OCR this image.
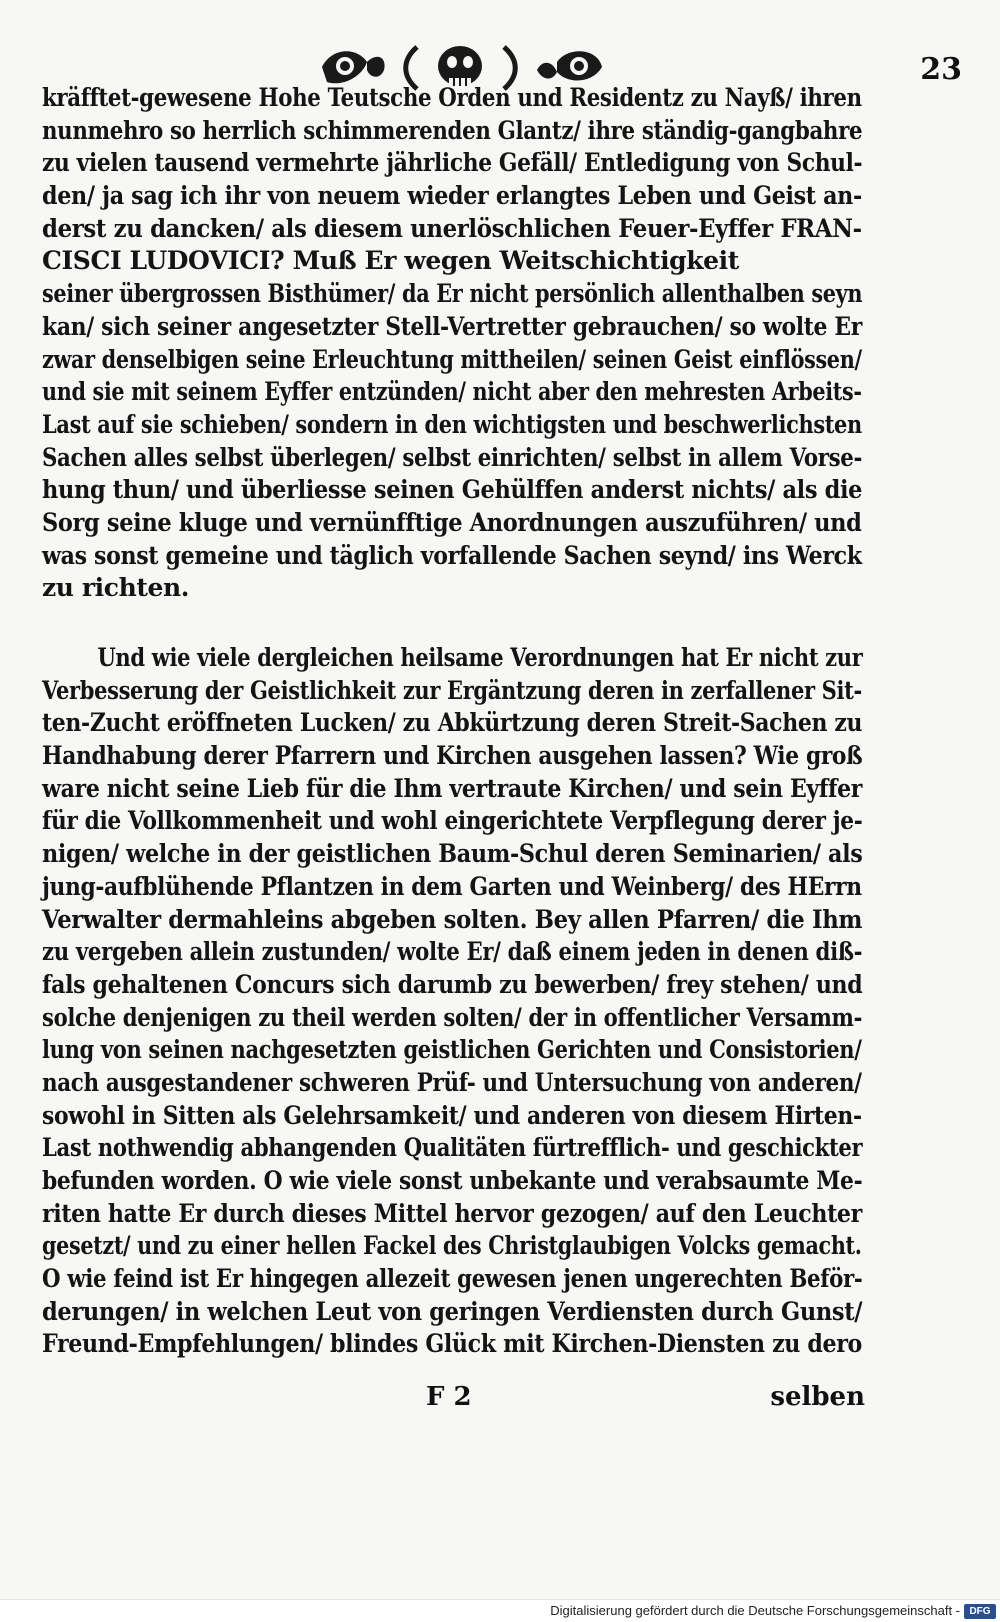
23
kräfftet-gewesene Hohe Teutsche Orden und Residentz zu Nayß/ ihren
nunmehro so herrlich schimmerenden Glantz/ ihre ständig-gangbahre
zu vielen tausend vermehrte jährliche Gefäll/ Entledigung von Schul-
den/ ja sag ich ihr von neuem wieder erlangtes Leben und Geist an-
derst zu dancken/ als diesem unerlöschlichen Feuer-Eyffer FRAN-
CISCI LUDOVICI? Muß Er wegen Weitschichtigkeit
seiner übergrossen Bisthümer/ da Er nicht persönlich allenthalben seyn
kan/ sich seiner angesetzter Stell-Vertretter gebrauchen/ so wolte Er
zwar denselbigen seine Erleuchtung mittheilen/ seinen Geist einflössen/
und sie mit seinem Eyffer entzünden/ nicht aber den mehresten Arbeits-
Last auf sie schieben/ sondern in den wichtigsten und beschwerlichsten
Sachen alles selbst überlegen/ selbst einrichten/ selbst in allem Vorse-
hung thun/ und überliesse seinen Gehülffen anderst nichts/ als die
Sorg seine kluge und vernünfftige Anordnungen auszuführen/ und
was sonst gemeine und täglich vorfallende Sachen seynd/ ins Werck
zu richten.
Und wie viele dergleichen heilsame Verordnungen hat Er nicht zur
Verbesserung der Geistlichkeit zur Ergäntzung deren in zerfallener Sit-
ten-Zucht eröffneten Lucken/ zu Abkürtzung deren Streit-Sachen zu
Handhabung derer Pfarrern und Kirchen ausgehen lassen? Wie groß
ware nicht seine Lieb für die Ihm vertraute Kirchen/ und sein Eyffer
für die Vollkommenheit und wohl eingerichtete Verpflegung derer je-
nigen/ welche in der geistlichen Baum-Schul deren Seminarien/ als
jung-aufblühende Pflantzen in dem Garten und Weinberg/ des HErrn
Verwalter dermahleins abgeben solten. Bey allen Pfarren/ die Ihm
zu vergeben allein zustunden/ wolte Er/ daß einem jeden in denen diß-
fals gehaltenen Concurs sich darumb zu bewerben/ frey stehen/ und
solche denjenigen zu theil werden solten/ der in offentlicher Versamm-
lung von seinen nachgesetzten geistlichen Gerichten und Consistorien/
nach ausgestandener schweren Prüf- und Untersuchung von anderen/
sowohl in Sitten als Gelehrsamkeit/ und anderen von diesem Hirten-
Last nothwendig abhangenden Qualitäten fürtrefflich- und geschickter
befunden worden. O wie viele sonst unbekante und verabsaumte Me-
riten hatte Er durch dieses Mittel hervor gezogen/ auf den Leuchter
gesetzt/ und zu einer hellen Fackel des Christglaubigen Volcks gemacht.
O wie feind ist Er hingegen allezeit gewesen jenen ungerechten Beför-
derungen/ in welchen Leut von geringen Verdiensten durch Gunst/
Freund-Empfehlungen/ blindes Glück mit Kirchen-Diensten zu dero
F 2	selben
Digitalisierung gefördert durch die Deutsche Forschungsgemeinschaft - DFG
